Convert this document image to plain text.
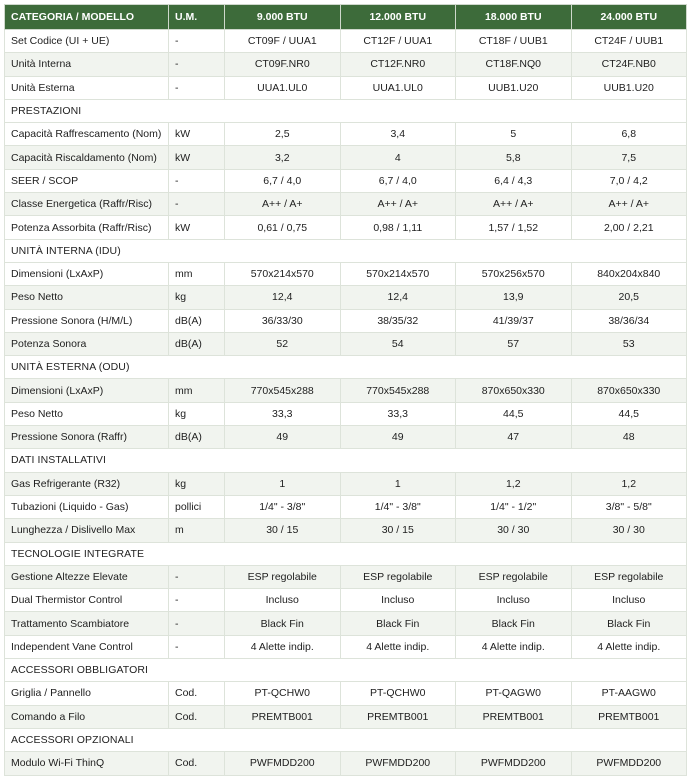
CATEGORIA / MODELLO	U.M.	9.000 BTU	12.000 BTU	18.000 BTU	24.000 BTU
Set Codice (UI + UE)	-	CT09F / UUA1	CT12F / UUA1	CT18F / UUB1	CT24F / UUB1
Unità Interna	-	CT09F.NR0	CT12F.NR0	CT18F.NQ0	CT24F.NB0
Unità Esterna	-	UUA1.UL0	UUA1.UL0	UUB1.U20	UUB1.U20
PRESTAZIONI					
Capacità Raffrescamento (Nom)	kW	2,5	3,4	5	6,8
Capacità Riscaldamento (Nom)	kW	3,2	4	5,8	7,5
SEER / SCOP	-	6,7 / 4,0	6,7 / 4,0	6,4 / 4,3	7,0 / 4,2
Classe Energetica (Raffr/Risc)	-	A++ / A+	A++ / A+	A++ / A+	A++ / A+
Potenza Assorbita (Raffr/Risc)	kW	0,61 / 0,75	0,98 / 1,11	1,57 / 1,52	2,00 / 2,21
UNITÀ INTERNA (IDU)					
Dimensioni (LxAxP)	mm	570x214x570	570x214x570	570x256x570	840x204x840
Peso Netto	kg	12,4	12,4	13,9	20,5
Pressione Sonora (H/M/L)	dB(A)	36/33/30	38/35/32	41/39/37	38/36/34
Potenza Sonora	dB(A)	52	54	57	53
UNITÀ ESTERNA (ODU)					
Dimensioni (LxAxP)	mm	770x545x288	770x545x288	870x650x330	870x650x330
Peso Netto	kg	33,3	33,3	44,5	44,5
Pressione Sonora (Raffr)	dB(A)	49	49	47	48
DATI INSTALLATIVI					
Gas Refrigerante (R32)	kg	1	1	1,2	1,2
Tubazioni (Liquido - Gas)	pollici	1/4" - 3/8"	1/4" - 3/8"	1/4" - 1/2"	3/8" - 5/8"
Lunghezza / Dislivello Max	m	30 / 15	30 / 15	30 / 30	30 / 30
TECNOLOGIE INTEGRATE					
Gestione Altezze Elevate	-	ESP regolabile	ESP regolabile	ESP regolabile	ESP regolabile
Dual Thermistor Control	-	Incluso	Incluso	Incluso	Incluso
Trattamento Scambiatore	-	Black Fin	Black Fin	Black Fin	Black Fin
Independent Vane Control	-	4 Alette indip.	4 Alette indip.	4 Alette indip.	4 Alette indip.
ACCESSORI OBBLIGATORI					
Griglia / Pannello	Cod.	PT-QCHW0	PT-QCHW0	PT-QAGW0	PT-AAGW0
Comando a Filo	Cod.	PREMTB001	PREMTB001	PREMTB001	PREMTB001
ACCESSORI OPZIONALI					
Modulo Wi-Fi ThinQ	Cod.	PWFMDD200	PWFMDD200	PWFMDD200	PWFMDD200
